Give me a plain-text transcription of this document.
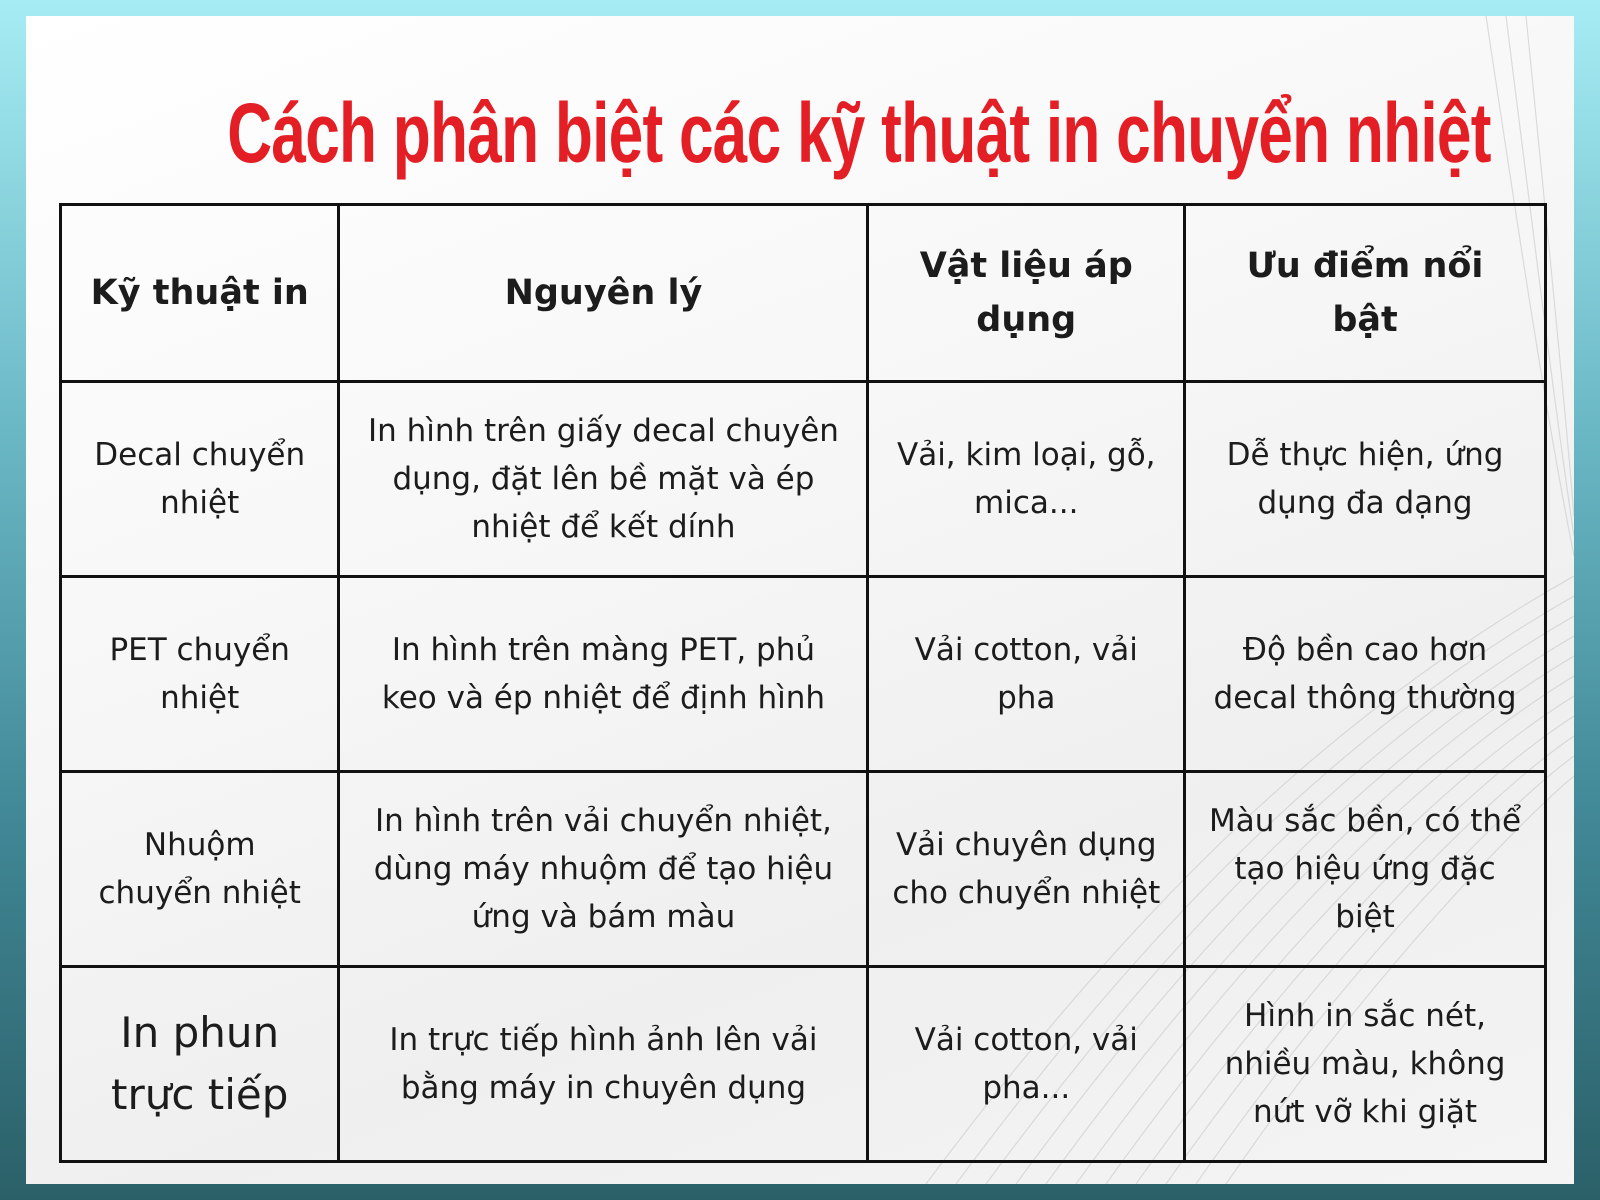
Cách phân biệt các kỹ thuật in chuyển nhiệt
Kỹ thuật in	Nguyên lý	Vật liệu áp dụng	Ưu điểm nổi bật
Decal chuyển nhiệt	In hình trên giấy decal chuyên dụng, đặt lên bề mặt và ép nhiệt để kết dính	Vải, kim loại, gỗ, mica...	Dễ thực hiện, ứng dụng đa dạng
PET chuyển nhiệt	In hình trên màng PET, phủ keo và ép nhiệt để định hình	Vải cotton, vải pha	Độ bền cao hơn decal thông thường
Nhuộm chuyển nhiệt	In hình trên vải chuyển nhiệt, dùng máy nhuộm để tạo hiệu ứng và bám màu	Vải chuyên dụng cho chuyển nhiệt	Màu sắc bền, có thể tạo hiệu ứng đặc biệt
In phun trực tiếp	In trực tiếp hình ảnh lên vải bằng máy in chuyên dụng	Vải cotton, vải pha...	Hình in sắc nét, nhiều màu, không nứt vỡ khi giặt
